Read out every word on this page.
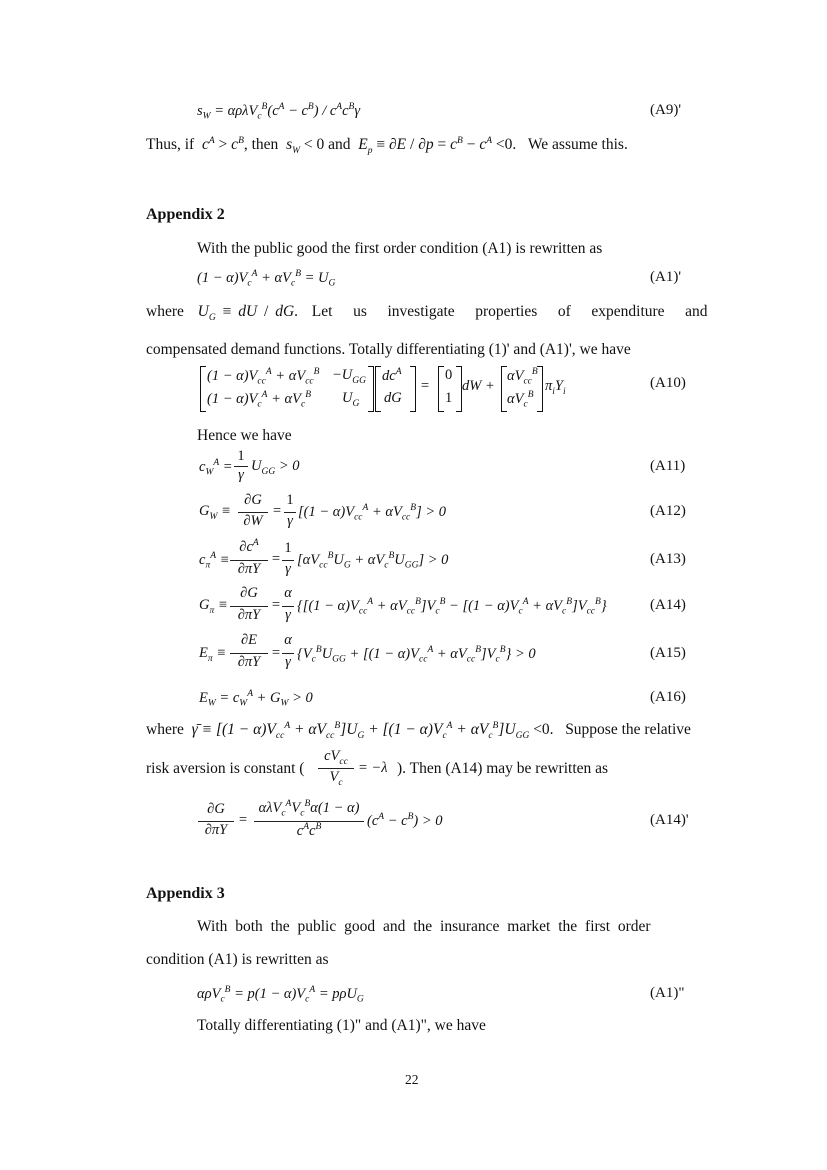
$s_W = \alpha\rho\lambda V_c^B(c^A - c^B) / c^Ac^B\gamma$	(A9)'
Thus, if  $c^A > c^B$, then  $s_W < 0$ and  $E_p \equiv \partial E / \partial p = c^B - c^A <0$.   We assume this.
Appendix 2
With the public good the first order condition (A1) is rewritten as
$(1 - \alpha)V_c^A + \alpha V_c^B = U_G$	(A1)'
where  $U_G$ ≡ dU / dG.  Let   us   investigate   properties   of   expenditure   and
compensated demand functions. Totally differentiating (1)' and (A1)', we have
$(1 - \alpha)V_{cc}^A + \alpha V_{cc}^B -U_{GG}$
$(1 - \alpha)V_c^A + \alpha V_c^B$ $U_G$
$dc^A$
dG
=
0
1
dW +
$\alpha V_{cc}^B$
$\alpha V_c^B$
$\pi_iY_i$
(A10)
Hence we have
$c_W^A$ =
1
γ
$U_{GG} > 0$	(A11)
$G_W$ ≡
∂G
∂W
=
1
γ
$[(1 - \alpha)V_{cc}^A + \alpha V_{cc}^B] > 0$	(A12)
$c_\pi^A$ ≡
$\partial c^A$
∂πY
=
1
γ
$[\alpha V_{cc}^BU_G + \alpha V_c^BU_{GG}] > 0$	(A13)
$G_\pi$ ≡
∂G
∂πY
=
α
γ
$\{[(1 - \alpha)V_{cc}^A + \alpha V_{cc}^B]V_c^B - [(1 - \alpha)V_c^A + \alpha V_c^B]V_{cc}^B\}$	(A14)
$E_\pi$ ≡
∂E
∂πY
=
α
γ
$\{V_c^BU_{GG} + [(1 - \alpha)V_{cc}^A + \alpha V_{cc}^B]V_c^B\} > 0$	(A15)
$E_W = c_W^A + G_W > 0$	(A16)
where γ̄ ≡ $[(1 - \alpha)V_{cc}^A + \alpha V_{cc}^B]U_G + [(1 - \alpha)V_c^A + \alpha V_c^B]U_{GG} <0$.   Suppose the relative
risk aversion is constant (
$cV_{cc}$
$V_c$
= −λ ). Then (A14) may be rewritten as
∂G
∂πY
=
$\alpha\lambda V_c^AV_c^B\alpha(1 - \alpha)$
$c^Ac^B$	$(c^A - c^B) > 0$	(A14)'
Appendix 3
With both the public good and the insurance market the first order
condition (A1) is rewritten as
$\alpha\rho V_c^B = p(1 - \alpha)V_c^A = p\rho U_G$	(A1)"
Totally differentiating (1)" and (A1)", we have
22
